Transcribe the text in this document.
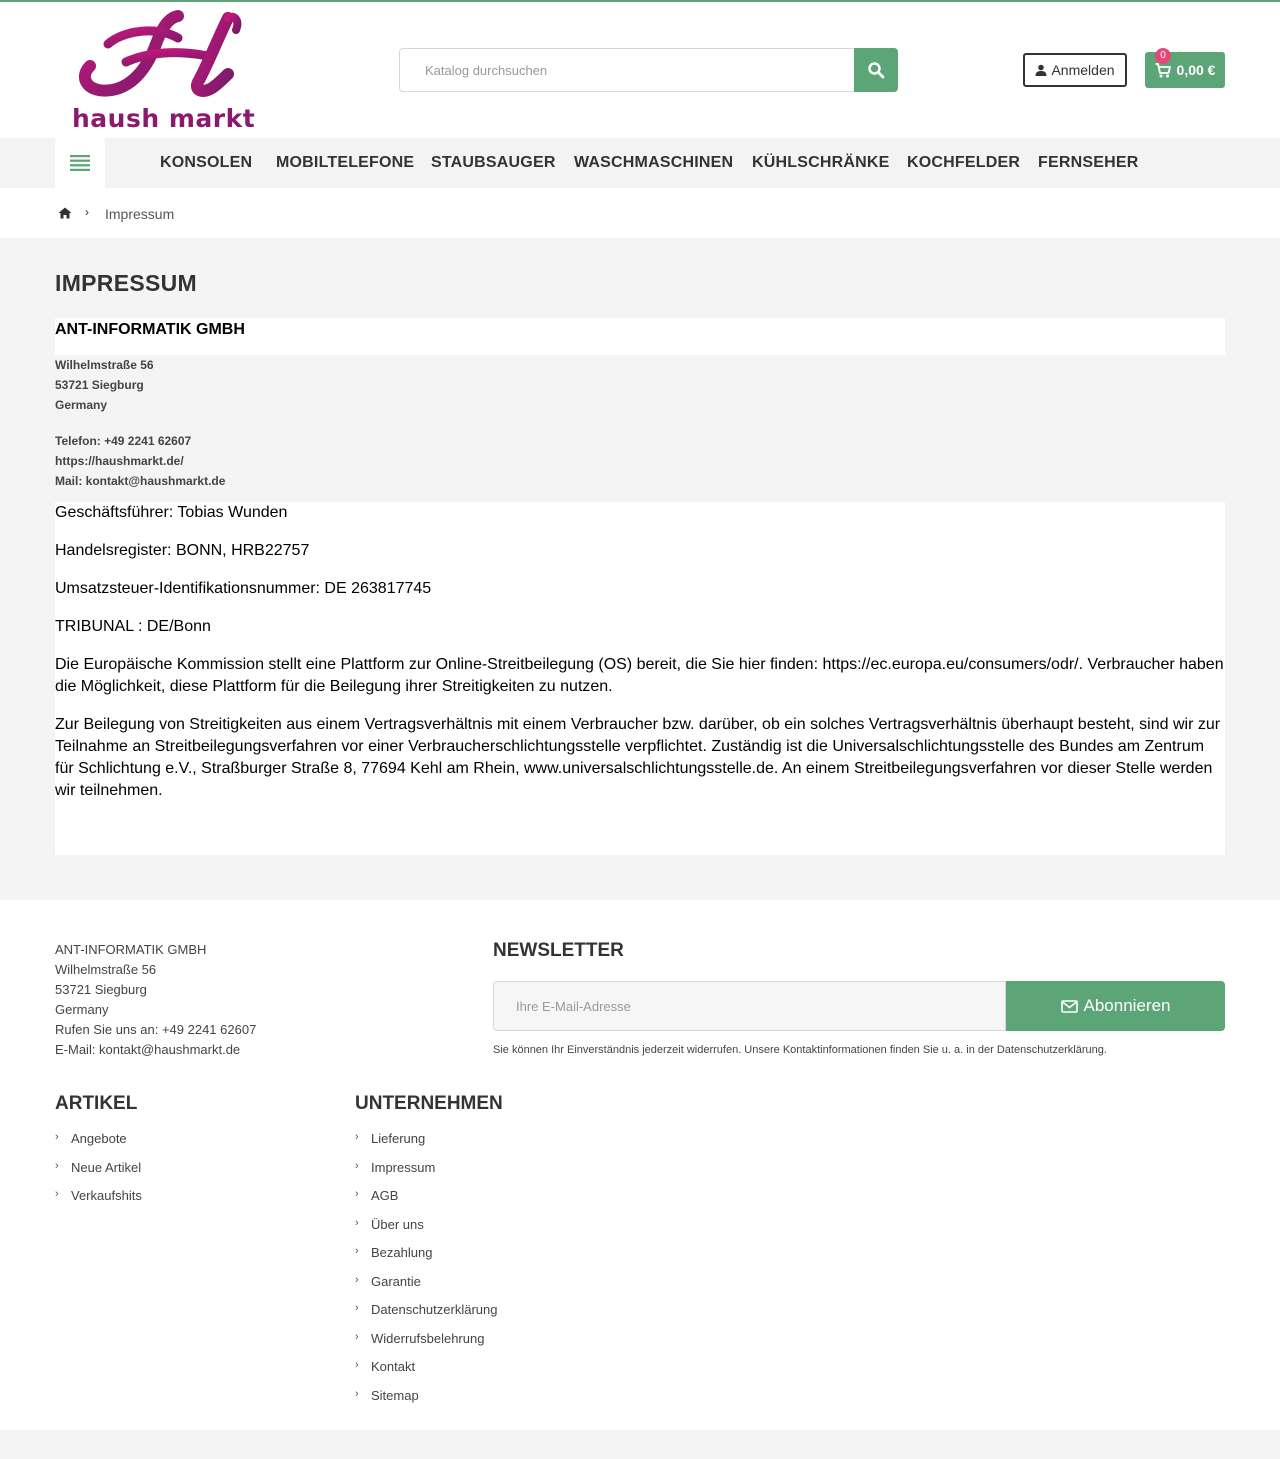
haush markt
Katalog durchsuchen
Anmelden	0,00 €
0
KONSOLEN MOBILTELEFONE STAUBSAUGER WASCHMASCHINEN KÜHLSCHRÄNKE KOCHFELDER FERNSEHER
› Impressum
IMPRESSUM
ANT-INFORMATIK GMBH
Wilhelmstraße 56
53721 Siegburg
Germany
Telefon: +49 2241 62607
https://haushmarkt.de/
Mail: kontakt@haushmarkt.de
Geschäftsführer: Tobias Wunden
Handelsregister: BONN, HRB22757
Umsatzsteuer-Identifikationsnummer: DE 263817745
TRIBUNAL : DE/Bonn
Die Europäische Kommission stellt eine Plattform zur Online-Streitbeilegung (OS) bereit, die Sie hier finden: https://ec.europa.eu/consumers/odr/. Verbraucher haben die Möglichkeit, diese Plattform für die Beilegung ihrer Streitigkeiten zu nutzen.
Zur Beilegung von Streitigkeiten aus einem Vertragsverhältnis mit einem Verbraucher bzw. darüber, ob ein solches Vertragsverhältnis überhaupt besteht, sind wir zur Teilnahme an Streitbeilegungsverfahren vor einer Verbraucherschlichtungsstelle verpflichtet. Zuständig ist die Universalschlichtungsstelle des Bundes am Zentrum für Schlichtung e.V., Straßburger Straße 8, 77694 Kehl am Rhein, www.universalschlichtungsstelle.de. An einem Streitbeilegungsverfahren vor dieser Stelle werden wir teilnehmen.
ANT-INFORMATIK GMBH
Wilhelmstraße 56
53721 Siegburg
Germany
Rufen Sie uns an: +49 2241 62607
E-Mail: kontakt@haushmarkt.de
NEWSLETTER
Ihre E-Mail-Adresse
Abonnieren
Sie können Ihr Einverständnis jederzeit widerrufen. Unsere Kontaktinformationen finden Sie u. a. in der Datenschutzerklärung.
ARTIKEL
› Angebote
› Neue Artikel
› Verkaufshits
UNTERNEHMEN
› Lieferung
› Impressum
› AGB
› Über uns
› Bezahlung
› Garantie
› Datenschutzerklärung
› Widerrufsbelehrung
› Kontakt
› Sitemap
